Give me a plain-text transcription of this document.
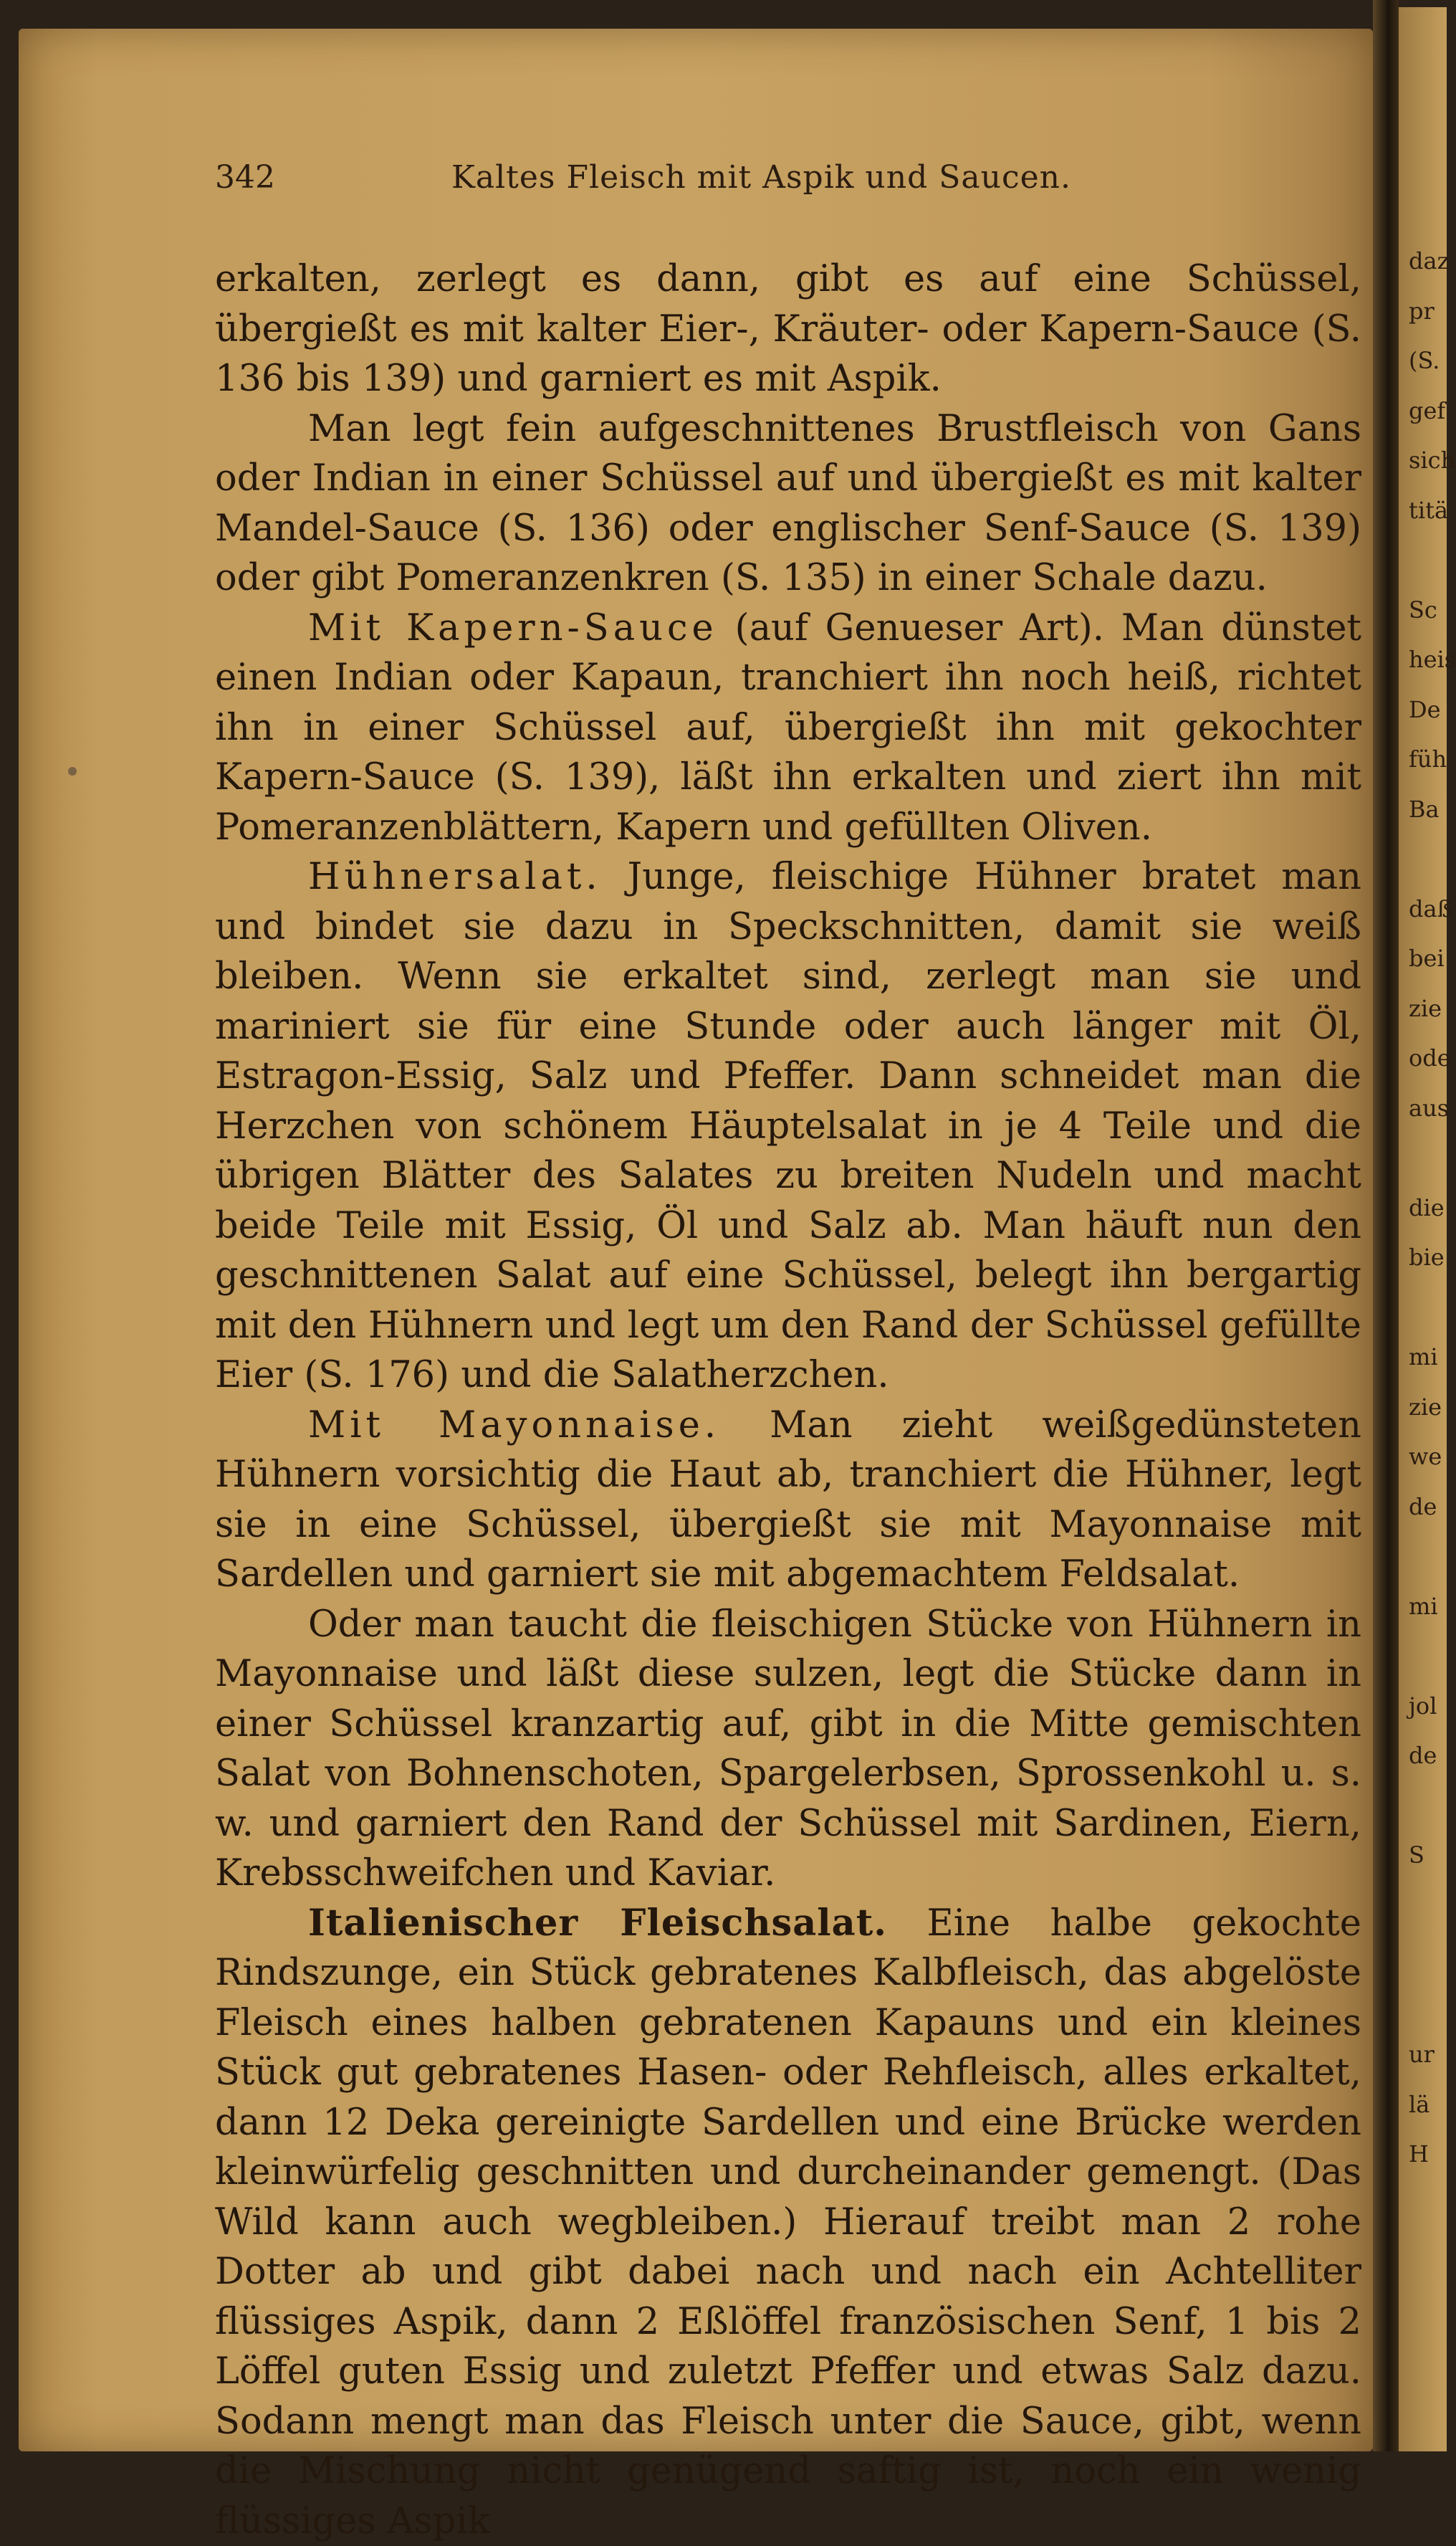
342	Kaltes Fleisch mit Aspik und Saucen.

erkalten, zerlegt es dann, gibt es auf eine Schüssel, übergießt es mit kalter Eier-, Kräuter- oder Kapern-Sauce (S. 136 bis 139) und garniert es mit Aspik.

Man legt fein aufgeschnittenes Brustfleisch von Gans oder Indian in einer Schüssel auf und übergießt es mit kalter Mandel-Sauce (S. 136) oder englischer Senf-Sauce (S. 139) oder gibt Pomeranzenkren (S. 135) in einer Schale dazu.

Mit Kapern-Sauce (auf Genueser Art). Man dünstet einen Indian oder Kapaun, tranchiert ihn noch heiß, richtet ihn in einer Schüssel auf, übergießt ihn mit gekochter Kapern-Sauce (S. 139), läßt ihn erkalten und ziert ihn mit Pomeranzenblättern, Kapern und gefüllten Oliven.

Hühnersalat. Junge, fleischige Hühner bratet man und bindet sie dazu in Speckschnitten, damit sie weiß bleiben. Wenn sie erkaltet sind, zerlegt man sie und mariniert sie für eine Stunde oder auch länger mit Öl, Estragon-Essig, Salz und Pfeffer. Dann schneidet man die Herzchen von schönem Häuptelsalat in je 4 Teile und die übrigen Blätter des Salates zu breiten Nudeln und macht beide Teile mit Essig, Öl und Salz ab. Man häuft nun den geschnittenen Salat auf eine Schüssel, belegt ihn bergartig mit den Hühnern und legt um den Rand der Schüssel gefüllte Eier (S. 176) und die Salatherzchen.

Mit Mayonnaise. Man zieht weißgedünsteten Hühnern vorsichtig die Haut ab, tranchiert die Hühner, legt sie in eine Schüssel, übergießt sie mit Mayonnaise mit Sardellen und garniert sie mit abgemachtem Feldsalat.

Oder man taucht die fleischigen Stücke von Hühnern in Mayonnaise und läßt diese sulzen, legt die Stücke dann in einer Schüssel kranzartig auf, gibt in die Mitte gemischten Salat von Bohnenschoten, Spargelerbsen, Sprossenkohl u. s. w. und garniert den Rand der Schüssel mit Sardinen, Eiern, Krebsschweifchen und Kaviar.

Italienischer Fleischsalat. Eine halbe gekochte Rindszunge, ein Stück gebratenes Kalbfleisch, das abgelöste Fleisch eines halben gebratenen Kapauns und ein kleines Stück gut gebratenes Hasen- oder Rehfleisch, alles erkaltet, dann 12 Deka gereinigte Sardellen und eine Brücke werden kleinwürfelig geschnitten und durcheinander gemengt. (Das Wild kann auch wegbleiben.) Hierauf treibt man 2 rohe Dotter ab und gibt dabei nach und nach ein Achtelliter flüssiges Aspik, dann 2 Eßlöffel französischen Senf, 1 bis 2 Löffel guten Essig und zuletzt Pfeffer und etwas Salz dazu. Sodann mengt man das Fleisch unter die Sauce, gibt, wenn die Mischung nicht genügend saftig ist, noch ein wenig flüssiges Aspik

daz
pr
(S.
gef
sich
titä
Sc
heis
De
füh
Ba
daß
bei
zie
ode
aus
die
bie
mi
zie
we
de
mi
jol
de
S
ur
lä
H
